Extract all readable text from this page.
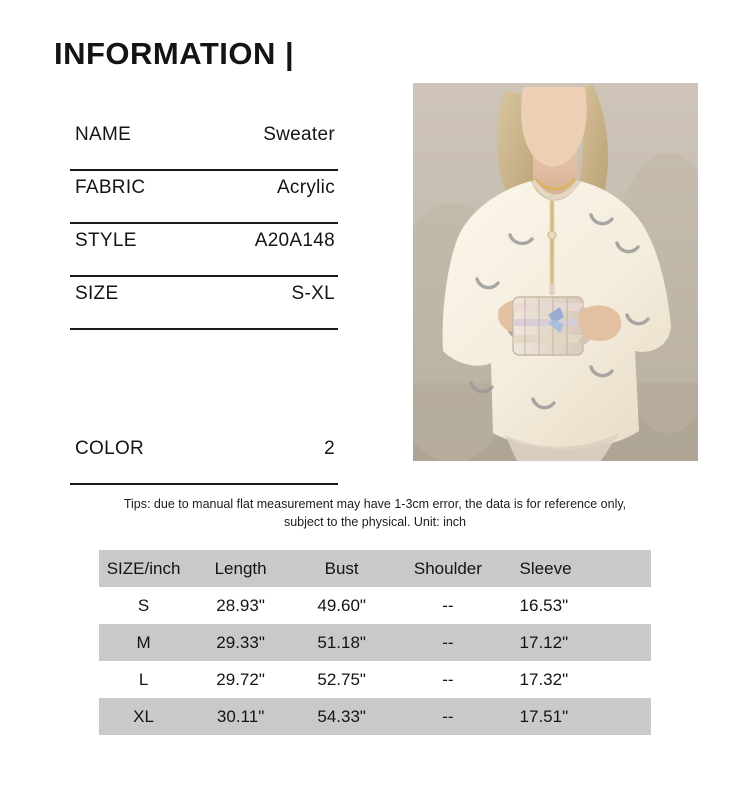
INFORMATION |
NAME	Sweater
FABRIC	Acrylic
STYLE	A20A148
SIZE	S-XL
COLOR	2
Tips: due to manual flat measurement may have 1-3cm error, the data is for reference only,
subject to the physical. Unit: inch
SIZE/inch	Length	Bust	Shoulder	Sleeve
S	28.93"	49.60"	--	16.53"
M	29.33"	51.18"	--	17.12"
L	29.72"	52.75"	--	17.32"
XL	30.11"	54.33"	--	17.51"
